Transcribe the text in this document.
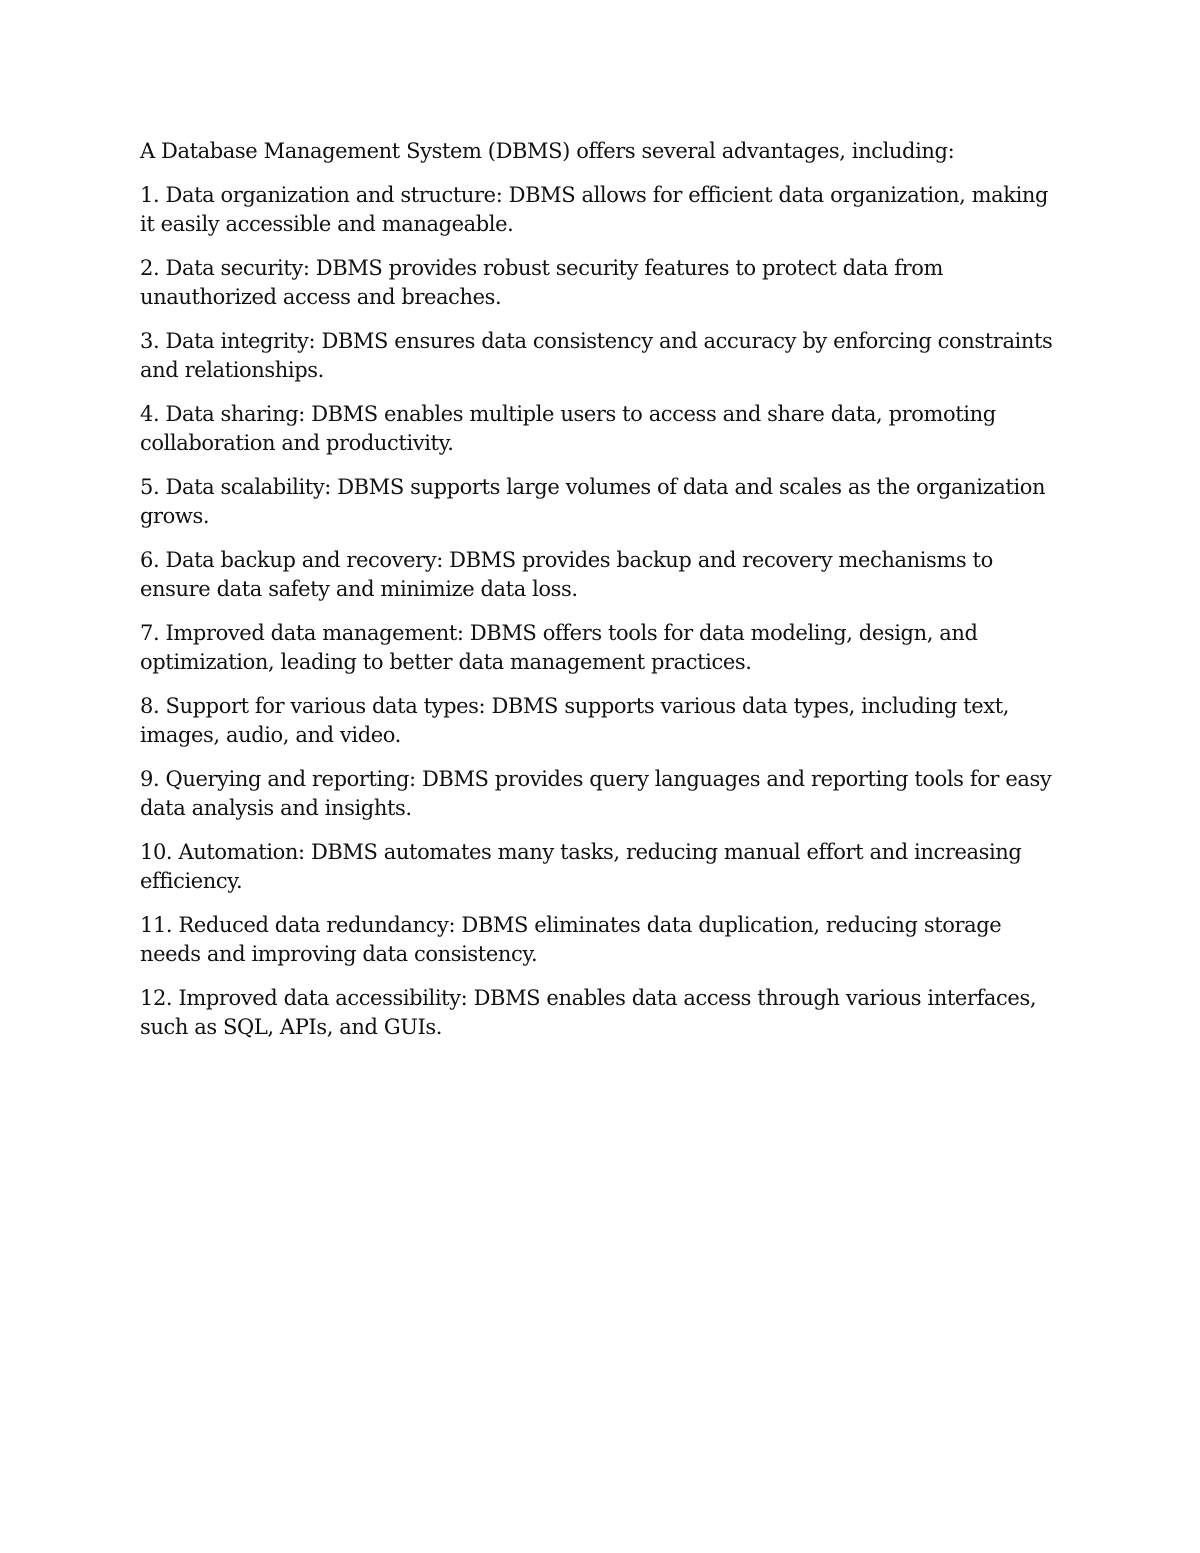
A Database Management System (DBMS) offers several advantages, including:

1. Data organization and structure: DBMS allows for efficient data organization, making it easily accessible and manageable.

2. Data security: DBMS provides robust security features to protect data from unauthorized access and breaches.

3. Data integrity: DBMS ensures data consistency and accuracy by enforcing constraints and relationships.

4. Data sharing: DBMS enables multiple users to access and share data, promoting collaboration and productivity.

5. Data scalability: DBMS supports large volumes of data and scales as the organization grows.

6. Data backup and recovery: DBMS provides backup and recovery mechanisms to ensure data safety and minimize data loss.

7. Improved data management: DBMS offers tools for data modeling, design, and optimization, leading to better data management practices.

8. Support for various data types: DBMS supports various data types, including text, images, audio, and video.

9. Querying and reporting: DBMS provides query languages and reporting tools for easy data analysis and insights.

10. Automation: DBMS automates many tasks, reducing manual effort and increasing efficiency.

11. Reduced data redundancy: DBMS eliminates data duplication, reducing storage needs and improving data consistency.

12. Improved data accessibility: DBMS enables data access through various interfaces, such as SQL, APIs, and GUIs.
